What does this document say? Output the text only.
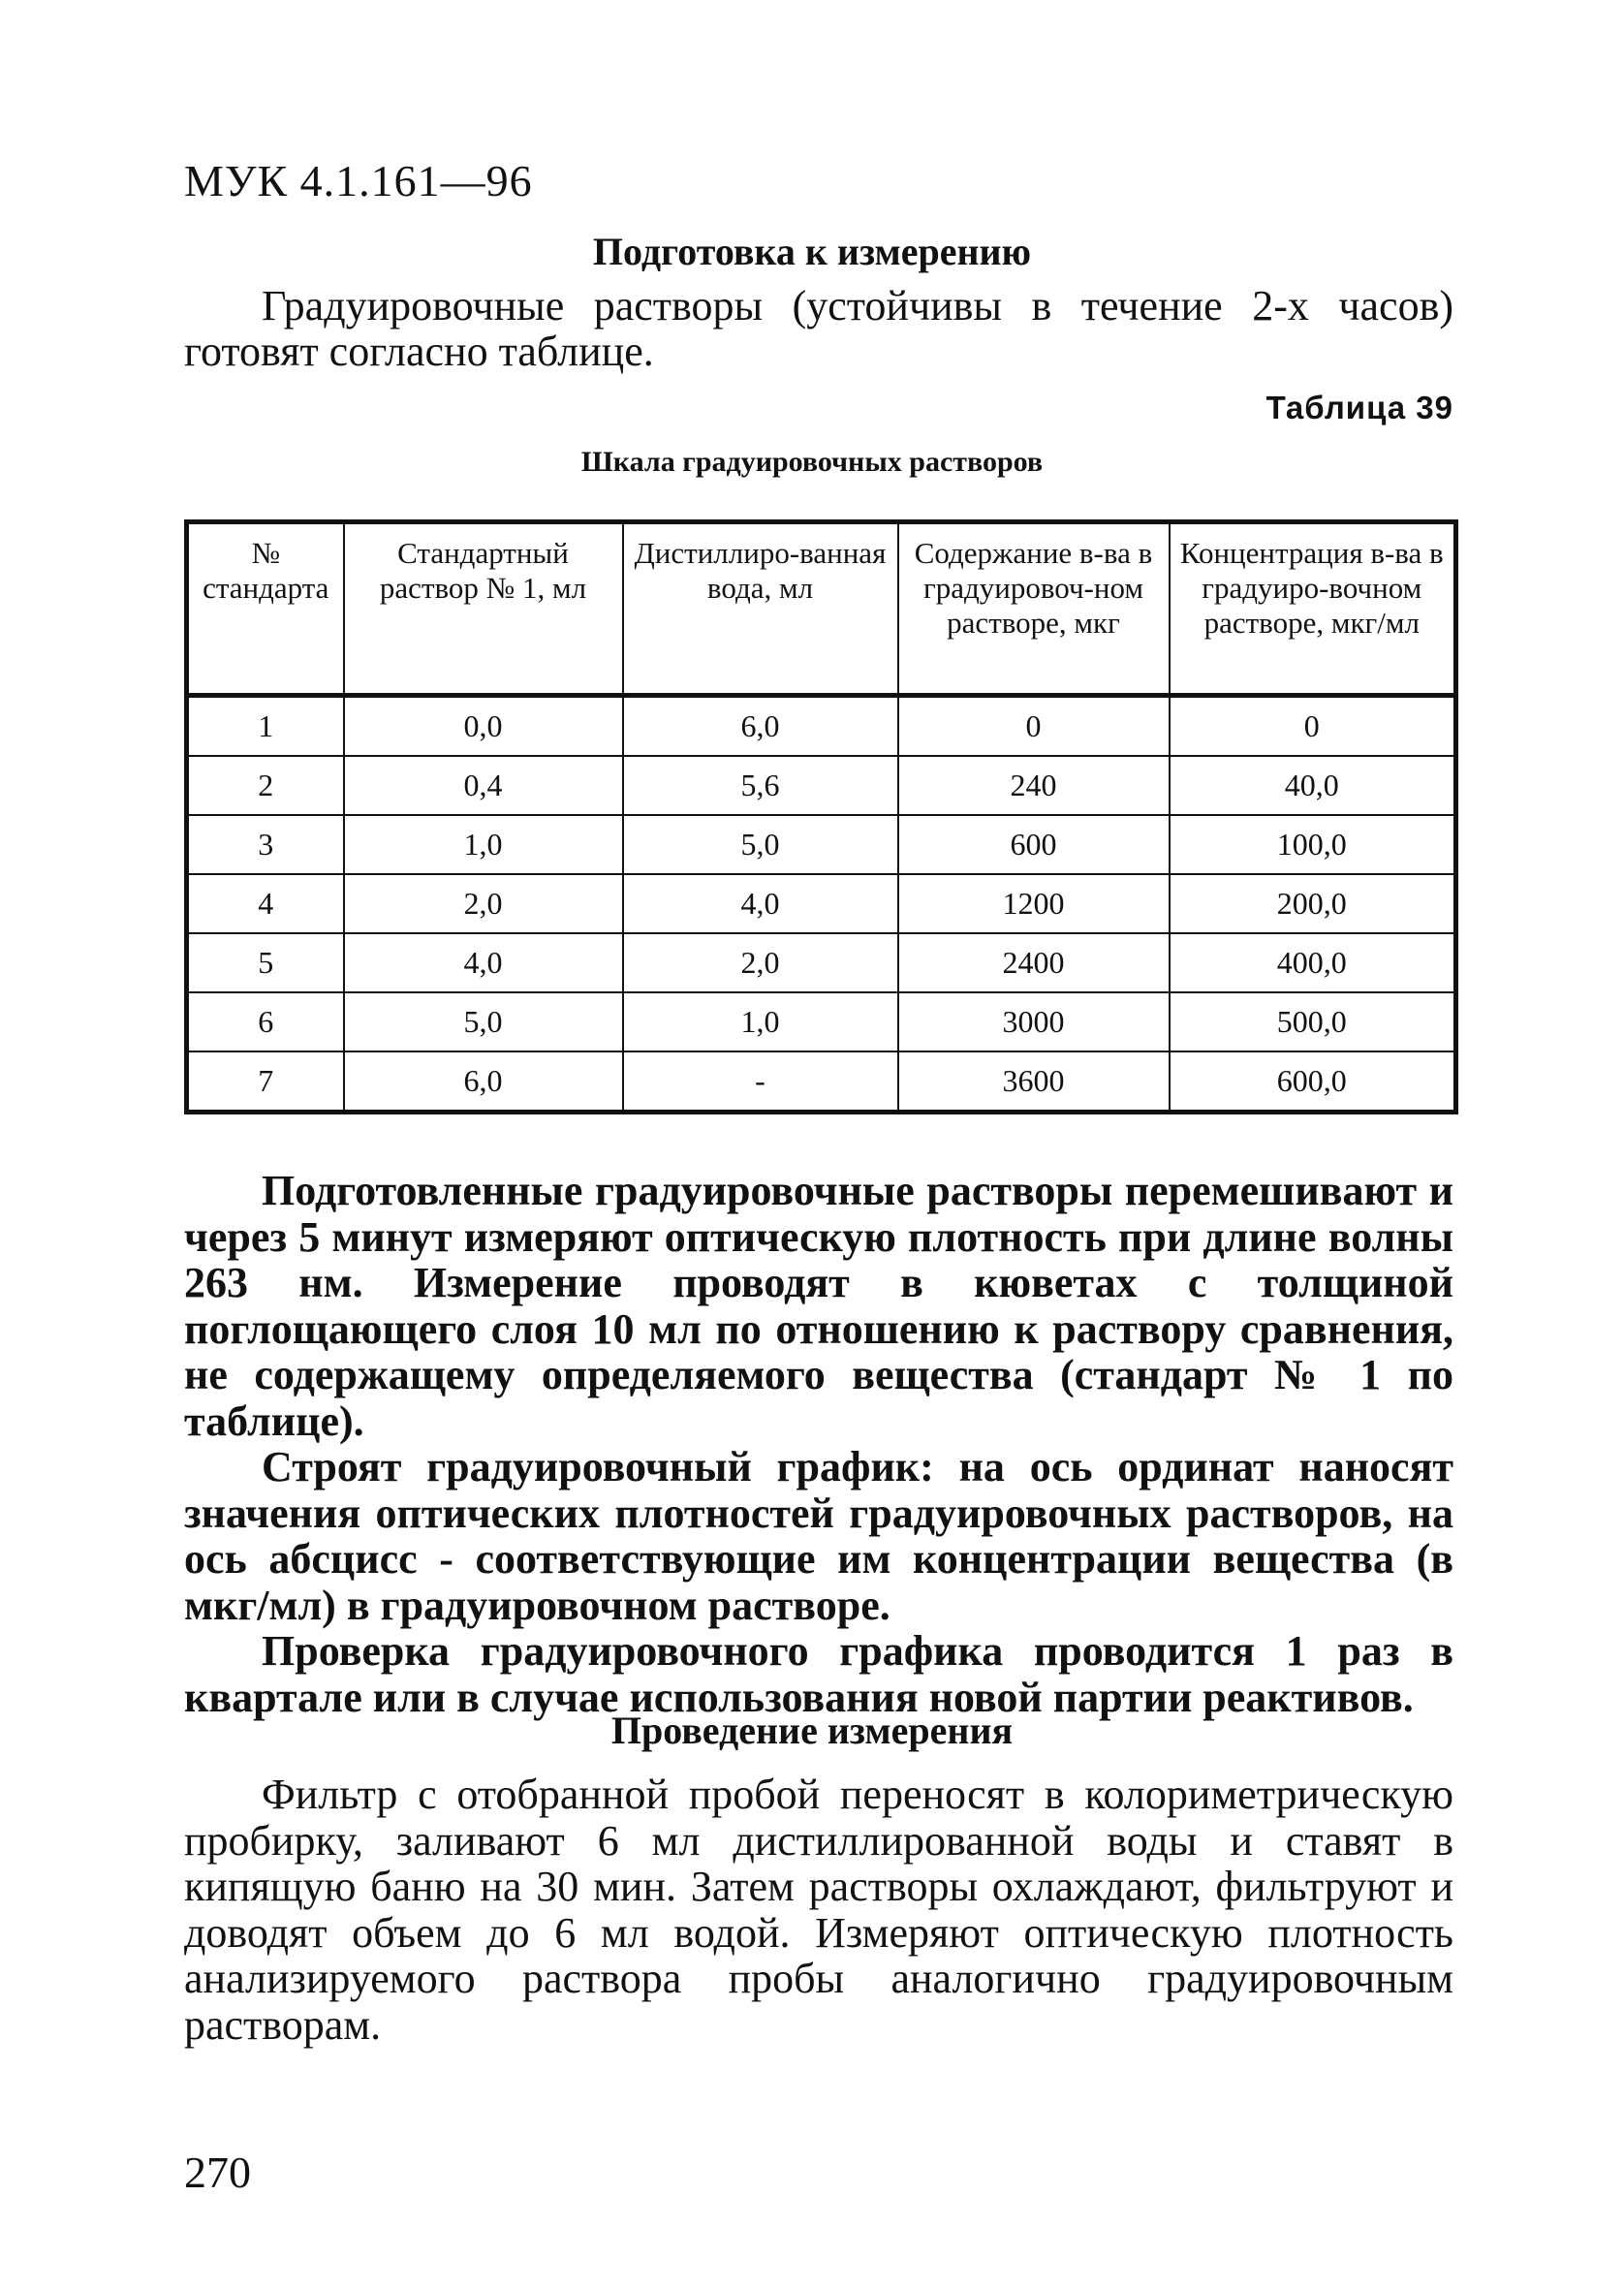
МУК 4.1.161—96
Подготовка к измерению
Градуировочные растворы (устойчивы в течение 2-х часов) готовят согласно таблице.
Таблица 39
Шкала градуировочных растворов
№ стандарта	Стандартный раствор № 1, мл	Дистиллиро-ванная вода, мл	Содержание в-ва в градуировоч-ном растворе, мкг	Концентрация в-ва в градуиро-вочном растворе, мкг/мл
1	0,0	6,0	0	0
2	0,4	5,6	240	40,0
3	1,0	5,0	600	100,0
4	2,0	4,0	1200	200,0
5	4,0	2,0	2400	400,0
6	5,0	1,0	3000	500,0
7	6,0	-	3600	600,0

Подготовленные градуировочные растворы перемешивают и через 5 минут измеряют оптическую плотность при длине волны 263 нм. Измерение проводят в кюветах с толщиной поглощающего слоя 10 мл по отношению к раствору сравнения, не содержащему определяемого вещества (стандарт № 1 по таблице).

Строят градуировочный график: на ось ординат наносят значения оптических плотностей градуировочных растворов, на ось абсцисс - соответствующие им концентрации вещества (в мкг/мл) в градуировочном растворе.

Проверка градуировочного графика проводится 1 раз в квартале или в случае использования новой партии реактивов.

Проведение измерения

Фильтр с отобранной пробой переносят в колориметрическую пробирку, заливают 6 мл дистиллированной воды и ставят в кипящую баню на 30 мин. Затем растворы охлаждают, фильтруют и доводят объем до 6 мл водой. Измеряют оптическую плотность анализируемого раствора пробы аналогично градуировочным растворам.

270
